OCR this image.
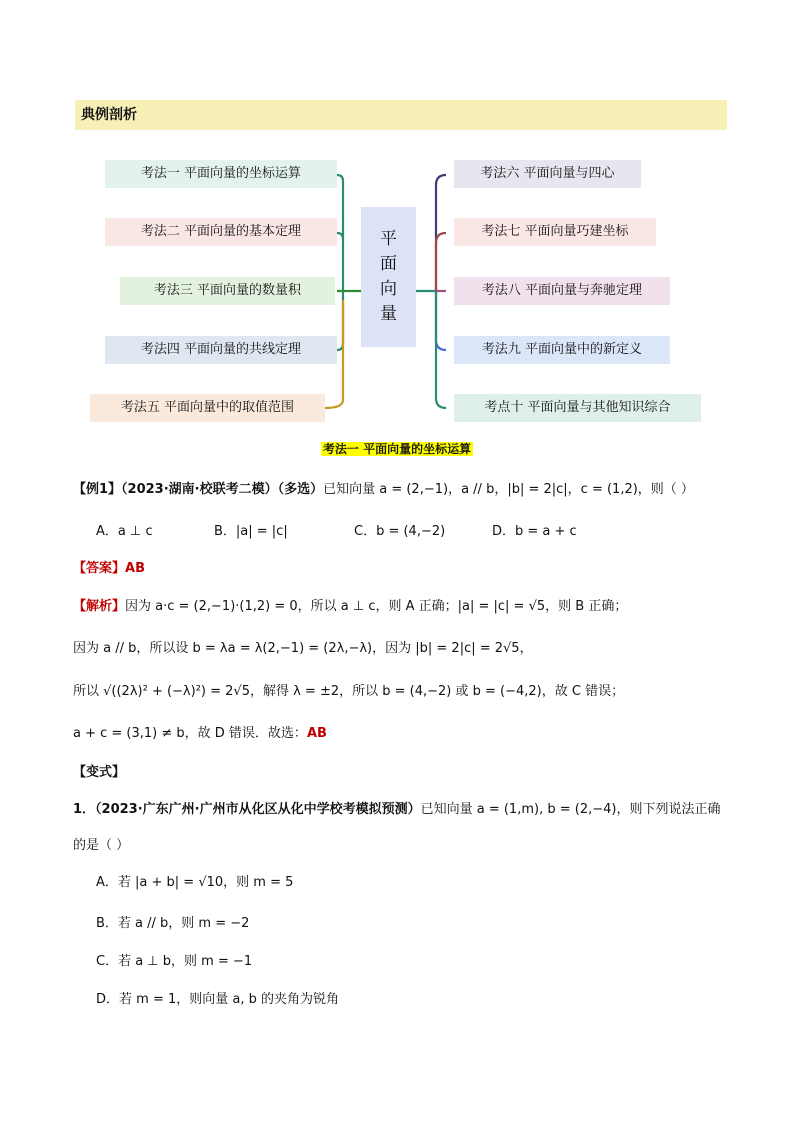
典例剖析
考法一 平面向量的坐标运算
考法二 平面向量的基本定理
考法三 平面向量的数量积
考法四 平面向量的共线定理
考法五 平面向量中的取值范围
平
面
向
量
考法六 平面向量与四心
考法七 平面向量巧建坐标
考法八 平面向量与奔驰定理
考法九 平面向量中的新定义
考点十 平面向量与其他知识综合
考法一 平面向量的坐标运算
【例1】（2023·湖南·校联考二模）（多选）已知向量 a = (2,−1)，a // b，|b| = 2|c|，c = (1,2)，则（ ）
A．a ⊥ c	B．|a| = |c|	C．b = (4,−2)	D．b = a + c
【答案】AB
【解析】因为 a·c = (2,−1)·(1,2) = 0，所以 a ⊥ c，则 A 正确；|a| = |c| = √5，则 B 正确；
因为 a // b，所以设 b = λa = λ(2,−1) = (2λ,−λ)，因为 |b| = 2|c| = 2√5，
所以 √((2λ)² + (−λ)²) = 2√5，解得 λ = ±2，所以 b = (4,−2) 或 b = (−4,2)，故 C 错误；
a + c = (3,1) ≠ b，故 D 错误．故选：AB
【变式】
1．（2023·广东广州·广州市从化区从化中学校考模拟预测）已知向量 a = (1,m), b = (2,−4)，则下列说法正确
的是（ ）
A．若 |a + b| = √10，则 m = 5
B．若 a // b，则 m = −2
C．若 a ⊥ b，则 m = −1
D．若 m = 1，则向量 a, b 的夹角为锐角
